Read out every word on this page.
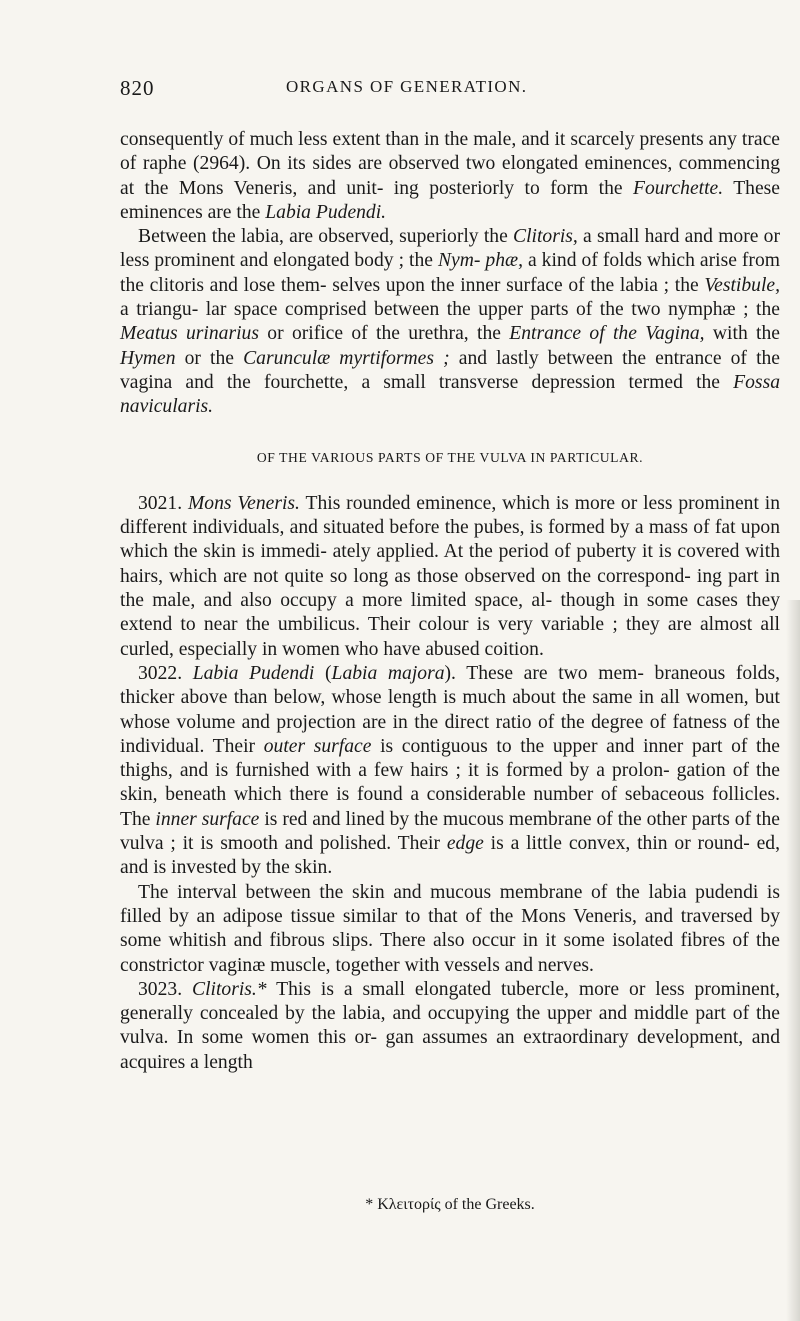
820	ORGANS OF GENERATION.

consequently of much less extent than in the male, and it scarcely presents any trace of raphe (2964). On its sides are observed two elongated eminences, commencing at the Mons Veneris, and unit- ing posteriorly to form the Fourchette. These eminences are the Labia Pudendi.

Between the labia, are observed, superiorly the Clitoris, a small hard and more or less prominent and elongated body ; the Nym- phæ, a kind of folds which arise from the clitoris and lose them- selves upon the inner surface of the labia ; the Vestibule, a triangu- lar space comprised between the upper parts of the two nymphæ ; the Meatus urinarius or orifice of the urethra, the Entrance of the Vagina, with the Hymen or the Carunculæ myrtiformes ; and lastly between the entrance of the vagina and the fourchette, a small transverse depression termed the Fossa navicularis.

OF THE VARIOUS PARTS OF THE VULVA IN PARTICULAR.

3021. Mons Veneris. This rounded eminence, which is more or less prominent in different individuals, and situated before the pubes, is formed by a mass of fat upon which the skin is immedi- ately applied. At the period of puberty it is covered with hairs, which are not quite so long as those observed on the correspond- ing part in the male, and also occupy a more limited space, al- though in some cases they extend to near the umbilicus. Their colour is very variable ; they are almost all curled, especially in women who have abused coition.

3022. Labia Pudendi (Labia majora). These are two mem- braneous folds, thicker above than below, whose length is much about the same in all women, but whose volume and projection are in the direct ratio of the degree of fatness of the individual. Their outer surface is contiguous to the upper and inner part of the thighs, and is furnished with a few hairs ; it is formed by a prolon- gation of the skin, beneath which there is found a considerable number of sebaceous follicles. The inner surface is red and lined by the mucous membrane of the other parts of the vulva ; it is smooth and polished. Their edge is a little convex, thin or round- ed, and is invested by the skin.

The interval between the skin and mucous membrane of the labia pudendi is filled by an adipose tissue similar to that of the Mons Veneris, and traversed by some whitish and fibrous slips. There also occur in it some isolated fibres of the constrictor vaginæ muscle, together with vessels and nerves.

3023. Clitoris.* This is a small elongated tubercle, more or less prominent, generally concealed by the labia, and occupying the upper and middle part of the vulva. In some women this or- gan assumes an extraordinary development, and acquires a length

* Κλειτορίς of the Greeks.
